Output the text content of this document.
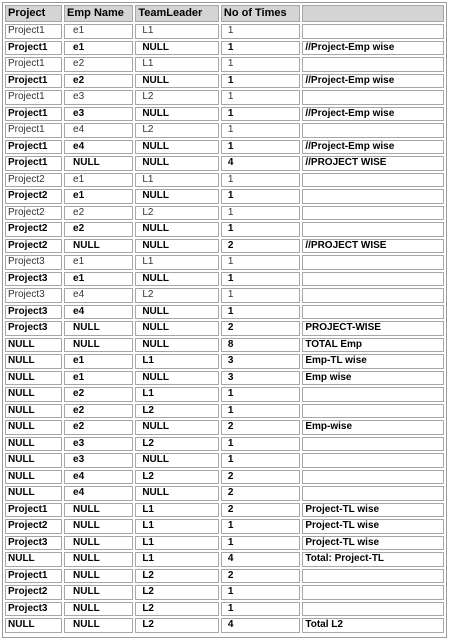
Project	Emp Name	TeamLeader	No of Times	
Project1	e1	L1	1	
Project1	e1	NULL	1	//Project-Emp wise
Project1	e2	L1	1	
Project1	e2	NULL	1	//Project-Emp wise
Project1	e3	L2	1	
Project1	e3	NULL	1	//Project-Emp wise
Project1	e4	L2	1	
Project1	e4	NULL	1	//Project-Emp wise
Project1	NULL	NULL	4	//PROJECT WISE
Project2	e1	L1	1	
Project2	e1	NULL	1	
Project2	e2	L2	1	
Project2	e2	NULL	1	
Project2	NULL	NULL	2	//PROJECT WISE
Project3	e1	L1	1	
Project3	e1	NULL	1	
Project3	e4	L2	1	
Project3	e4	NULL	1	
Project3	NULL	NULL	2	PROJECT-WISE
NULL	NULL	NULL	8	TOTAL Emp
NULL	e1	L1	3	Emp-TL wise
NULL	e1	NULL	3	Emp wise
NULL	e2	L1	1	
NULL	e2	L2	1	
NULL	e2	NULL	2	Emp-wise
NULL	e3	L2	1	
NULL	e3	NULL	1	
NULL	e4	L2	2	
NULL	e4	NULL	2	
Project1	NULL	L1	2	Project-TL wise
Project2	NULL	L1	1	Project-TL wise
Project3	NULL	L1	1	Project-TL wise
NULL	NULL	L1	4	Total: Project-TL
Project1	NULL	L2	2	
Project2	NULL	L2	1	
Project3	NULL	L2	1	
NULL	NULL	L2	4	Total L2
